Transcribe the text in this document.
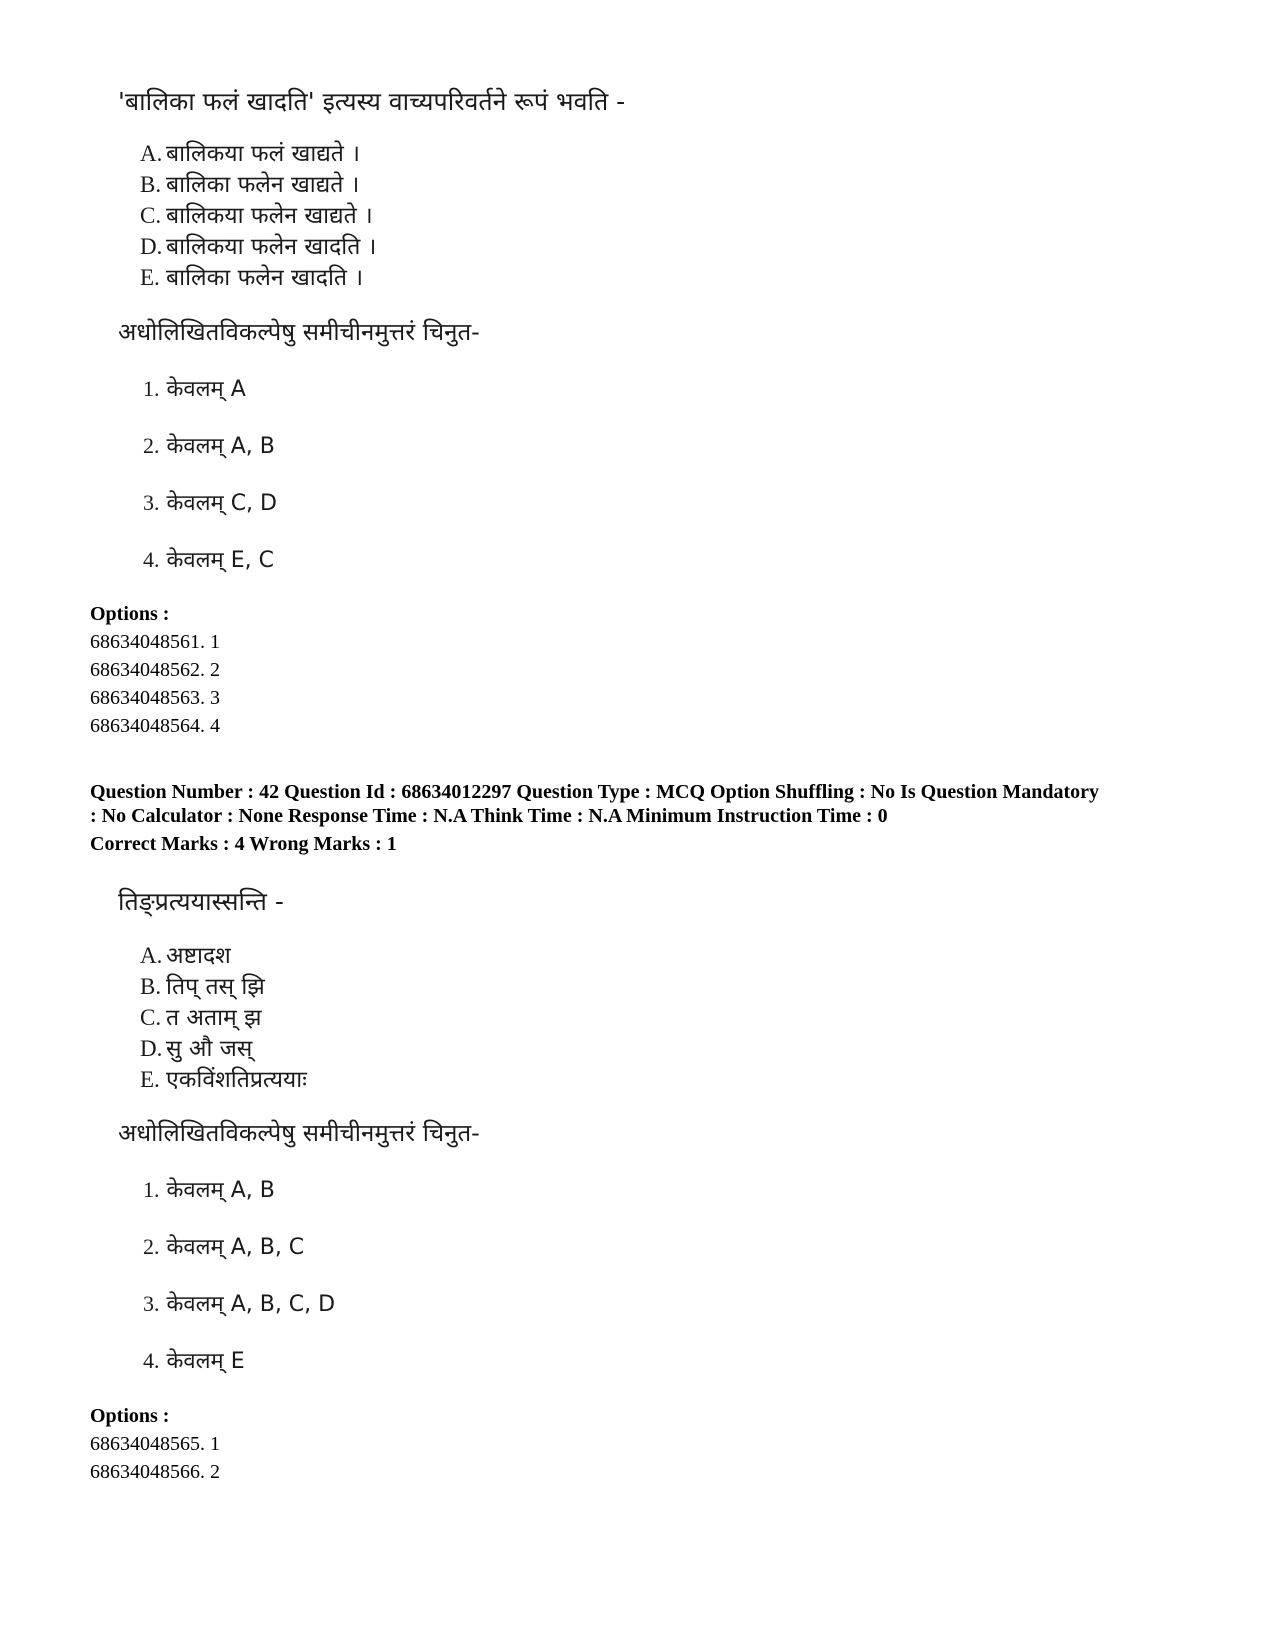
'बालिका फलं खादति' इत्यस्य वाच्यपरिवर्तने रूपं भवति -
A. बालिकया फलं खाद्यते ।
B. बालिका फलेन खाद्यते ।
C. बालिकया फलेन खाद्यते ।
D. बालिकया फलेन खादति ।
E. बालिका फलेन खादति ।
अधोलिखितविकल्पेषु समीचीनमुत्तरं चिनुत-
1. केवलम् A
2. केवलम् A, B
3. केवलम् C, D
4. केवलम् E, C
Options :
68634048561. 1
68634048562. 2
68634048563. 3
68634048564. 4
Question Number : 42 Question Id : 68634012297 Question Type : MCQ Option Shuffling : No Is Question Mandatory
: No Calculator : None Response Time : N.A Think Time : N.A Minimum Instruction Time : 0
Correct Marks : 4 Wrong Marks : 1
तिङ्प्रत्ययास्सन्ति -
A. अष्टादश
B. तिप् तस् झि
C. त अताम् झ
D. सु औ जस्
E. एकविंशतिप्रत्ययाः
अधोलिखितविकल्पेषु समीचीनमुत्तरं चिनुत-
1. केवलम् A, B
2. केवलम् A, B, C
3. केवलम् A, B, C, D
4. केवलम् E
Options :
68634048565. 1
68634048566. 2
